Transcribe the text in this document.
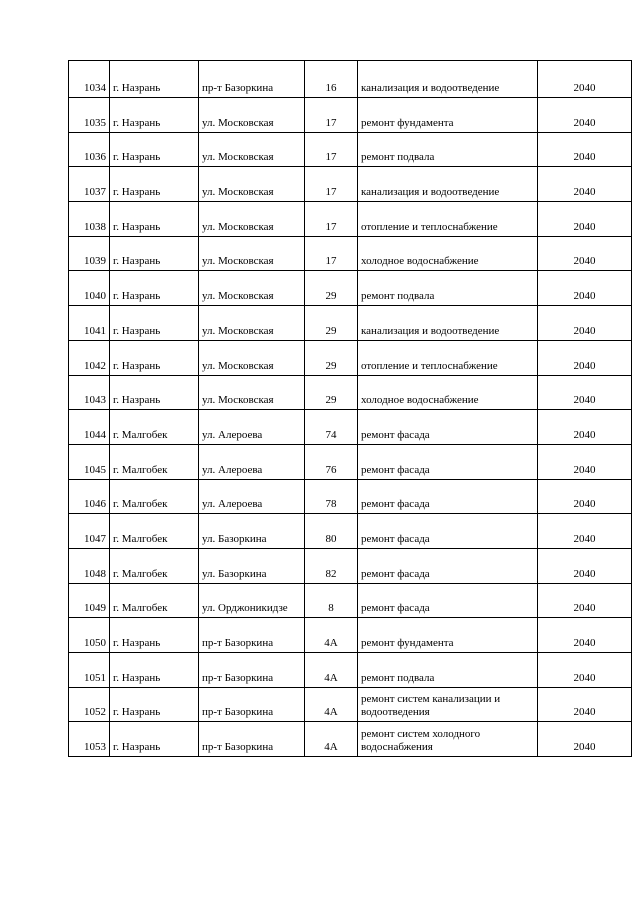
1034	г. Назрань	пр-т Базоркина	16	канализация и водоотведение	2040
1035	г. Назрань	ул. Московская	17	ремонт фундамента	2040
1036	г. Назрань	ул. Московская	17	ремонт подвала	2040
1037	г. Назрань	ул. Московская	17	канализация и водоотведение	2040
1038	г. Назрань	ул. Московская	17	отопление и теплоснабжение	2040
1039	г. Назрань	ул. Московская	17	холодное водоснабжение	2040
1040	г. Назрань	ул. Московская	29	ремонт подвала	2040
1041	г. Назрань	ул. Московская	29	канализация и водоотведение	2040
1042	г. Назрань	ул. Московская	29	отопление и теплоснабжение	2040
1043	г. Назрань	ул. Московская	29	холодное водоснабжение	2040
1044	г. Малгобек	ул. Алероева	74	ремонт фасада	2040
1045	г. Малгобек	ул. Алероева	76	ремонт фасада	2040
1046	г. Малгобек	ул. Алероева	78	ремонт фасада	2040
1047	г. Малгобек	ул. Базоркина	80	ремонт фасада	2040
1048	г. Малгобек	ул. Базоркина	82	ремонт фасада	2040
1049	г. Малгобек	ул. Орджоникидзе	8	ремонт фасада	2040
1050	г. Назрань	пр-т Базоркина	4А	ремонт фундамента	2040
1051	г. Назрань	пр-т Базоркина	4А	ремонт подвала	2040
1052	г. Назрань	пр-т Базоркина	4А	ремонт систем канализации и водоотведения	2040
1053	г. Назрань	пр-т Базоркина	4А	ремонт систем холодного водоснабжения	2040
